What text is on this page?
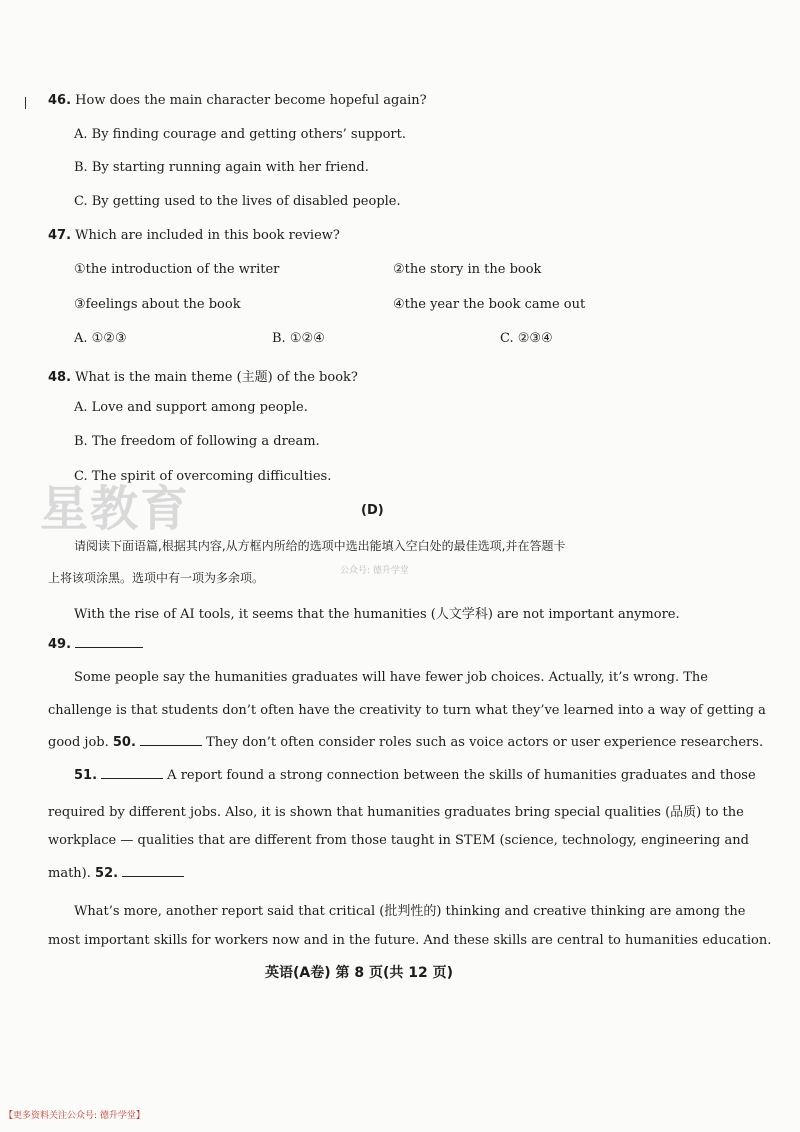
46. How does the main character become hopeful again?
A. By finding courage and getting others’ support.
B. By starting running again with her friend.
C. By getting used to the lives of disabled people.
47. Which are included in this book review?
①the introduction of the writer	②the story in the book
③feelings about the book	④the year the book came out
A. ①②③	B. ①②④	C. ②③④
48. What is the main theme (主题) of the book?
A. Love and support among people.
B. The freedom of following a dream.
C. The spirit of overcoming difficulties.
星教育	(D)
请阅读下面语篇,根据其内容,从方框内所给的选项中选出能填入空白处的最佳选项,并在答题卡
上将该项涂黑。选项中有一项为多余项。	公众号: 德升学堂
With the rise of AI tools, it seems that the humanities (人文学科) are not important anymore.
49.
Some people say the humanities graduates will have fewer job choices. Actually, it’s wrong. The
challenge is that students don’t often have the creativity to turn what they’ve learned into a way of getting a
good job. 50.	They don’t often consider roles such as voice actors or user experience researchers.
51.	A report found a strong connection between the skills of humanities graduates and those
required by different jobs. Also, it is shown that humanities graduates bring special qualities (品质) to the
workplace — qualities that are different from those taught in STEM (science, technology, engineering and
math). 52.
What’s more, another report said that critical (批判性的) thinking and creative thinking are among the
most important skills for workers now and in the future. And these skills are central to humanities education.
英语(A卷) 第 8 页(共 12 页)
【更多资料关注公众号: 德升学堂】
